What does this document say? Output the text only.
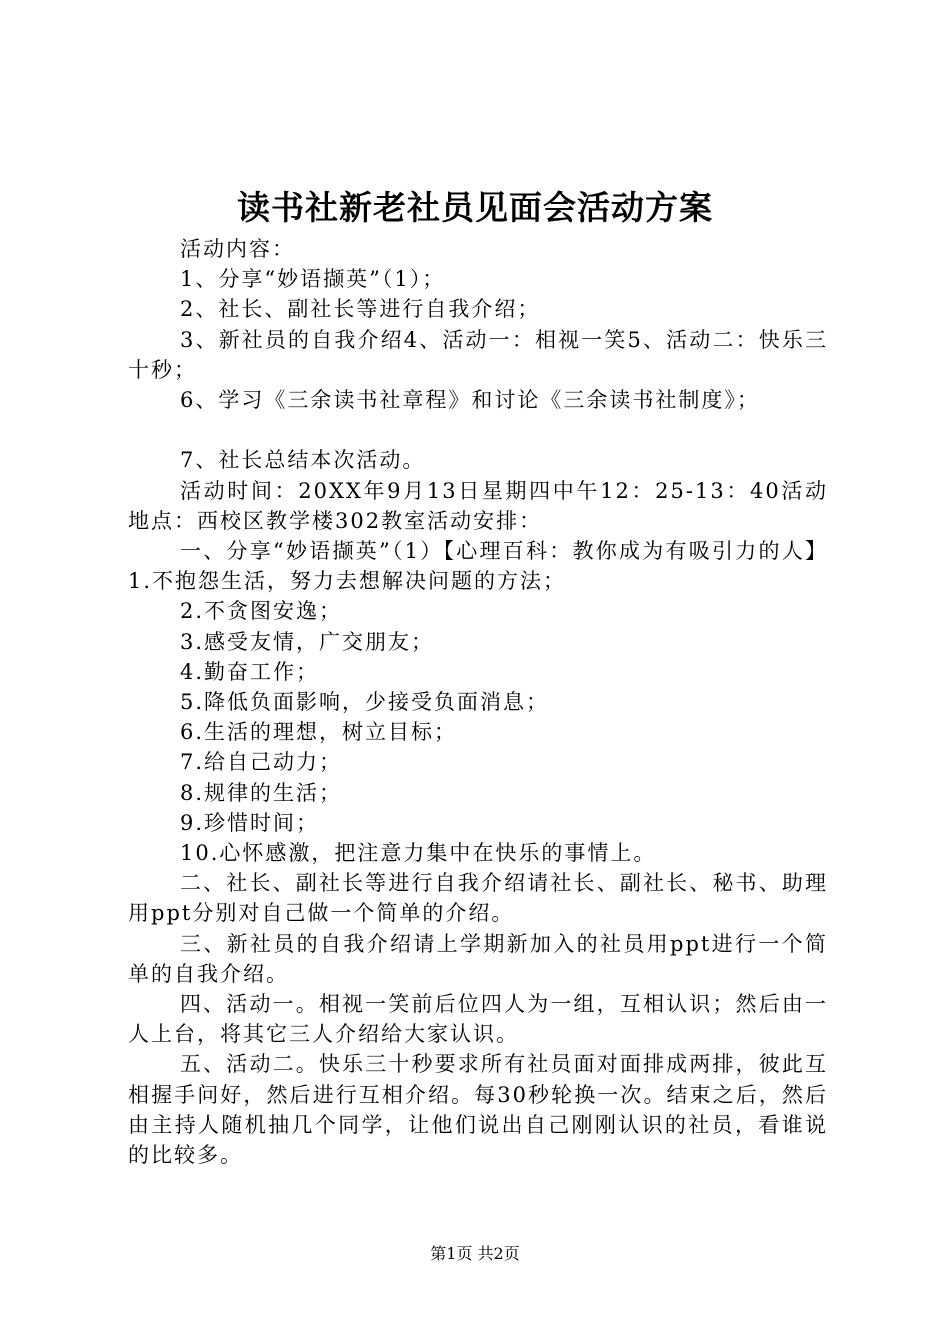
读书社新老社员见面会活动方案

活动内容：

1、分享“妙语撷英”（1）；

2、社长、副社长等进行自我介绍；

3、新社员的自我介绍4、活动一：相视一笑5、活动二：快乐三十秒；

6、学习《三余读书社章程》和讨论《三余读书社制度》；

7、社长总结本次活动。

活动时间：20XX年9月13日星期四中午12：25-13：40活动地点：西校区教学楼302教室活动安排：

一、分享“妙语撷英”（1）【心理百科：教你成为有吸引力的人】1.不抱怨生活，努力去想解决问题的方法；

2.不贪图安逸；

3.感受友情，广交朋友；

4.勤奋工作；

5.降低负面影响，少接受负面消息；

6.生活的理想，树立目标；

7.给自己动力；

8.规律的生活；

9.珍惜时间；

10.心怀感激，把注意力集中在快乐的事情上。

二、社长、副社长等进行自我介绍请社长、副社长、秘书、助理用ppt分别对自己做一个简单的介绍。

三、新社员的自我介绍请上学期新加入的社员用ppt进行一个简单的自我介绍。

四、活动一。相视一笑前后位四人为一组，互相认识；然后由一人上台，将其它三人介绍给大家认识。

五、活动二。快乐三十秒要求所有社员面对面排成两排，彼此互相握手问好，然后进行互相介绍。每30秒轮换一次。结束之后，然后由主持人随机抽几个同学，让他们说出自己刚刚认识的社员，看谁说的比较多。

第1页 共2页
